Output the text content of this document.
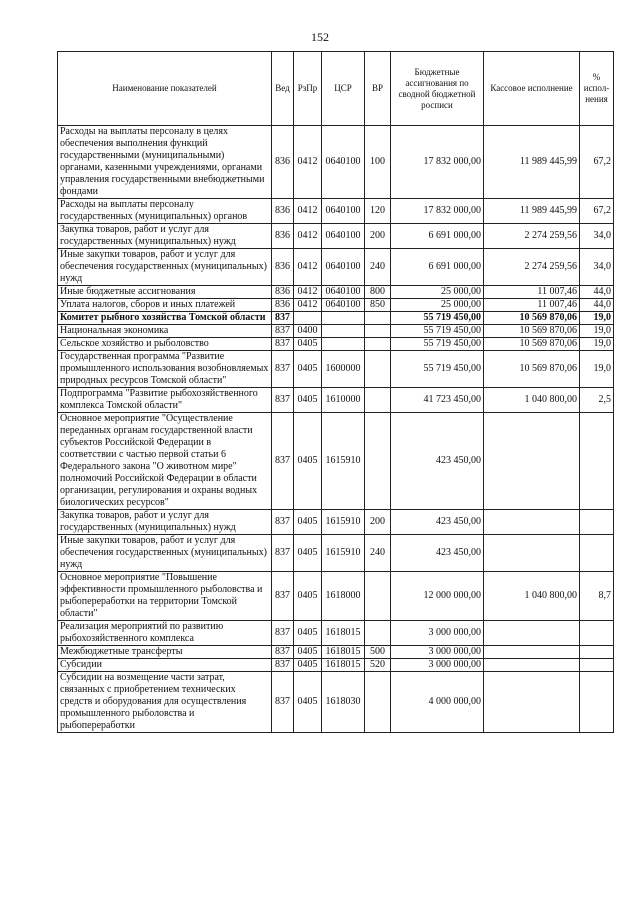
152
Наименование показателей	Вед	РзПр	ЦСР	ВР	Бюджетные ассигнования по сводной бюджетной росписи	Кассовое исполнение	% испол-нения
Расходы на выплаты персоналу в целях обеспечения выполнения функций государственными (муниципальными) органами, казенными учреждениями, органами управления государственными внебюджетными фондами	836	0412	0640100	100	17 832 000,00	11 989 445,99	67,2
Расходы на выплаты персоналу государственных (муниципальных) органов	836	0412	0640100	120	17 832 000,00	11 989 445,99	67,2
Закупка товаров, работ и услуг для государственных (муниципальных) нужд	836	0412	0640100	200	6 691 000,00	2 274 259,56	34,0
Иные закупки товаров, работ и услуг для обеспечения государственных (муниципальных) нужд	836	0412	0640100	240	6 691 000,00	2 274 259,56	34,0
Иные бюджетные ассигнования	836	0412	0640100	800	25 000,00	11 007,46	44,0
Уплата налогов, сборов и иных платежей	836	0412	0640100	850	25 000,00	11 007,46	44,0
Комитет рыбного хозяйства Томской области	837				55 719 450,00	10 569 870,06	19,0
Национальная экономика	837	0400			55 719 450,00	10 569 870,06	19,0
Сельское хозяйство и рыболовство	837	0405			55 719 450,00	10 569 870,06	19,0
Государственная программа "Развитие промышленного использования возобновляемых природных ресурсов Томской области"	837	0405	1600000		55 719 450,00	10 569 870,06	19,0
Подпрограмма "Развитие рыбохозяйственного комплекса Томской области"	837	0405	1610000		41 723 450,00	1 040 800,00	2,5
Основное мероприятие "Осуществление переданных органам государственной власти субъектов Российской Федерации в соответствии с частью первой статьи 6 Федерального закона "О животном мире" полномочий Российской Федерации в области организации, регулирования и охраны водных биологических ресурсов"	837	0405	1615910		423 450,00		
Закупка товаров, работ и услуг для государственных (муниципальных) нужд	837	0405	1615910	200	423 450,00		
Иные закупки товаров, работ и услуг для обеспечения государственных (муниципальных) нужд	837	0405	1615910	240	423 450,00		
Основное мероприятие "Повышение эффективности промышленного рыболовства и рыбопереработки на территории Томской области"	837	0405	1618000		12 000 000,00	1 040 800,00	8,7
Реализация мероприятий по развитию рыбохозяйственного комплекса	837	0405	1618015		3 000 000,00		
Межбюджетные трансферты	837	0405	1618015	500	3 000 000,00		
Субсидии	837	0405	1618015	520	3 000 000,00		
Субсидии на возмещение части затрат, связанных с приобретением технических средств и оборудования для осуществления промышленного рыболовства и рыбопереработки	837	0405	1618030		4 000 000,00		
